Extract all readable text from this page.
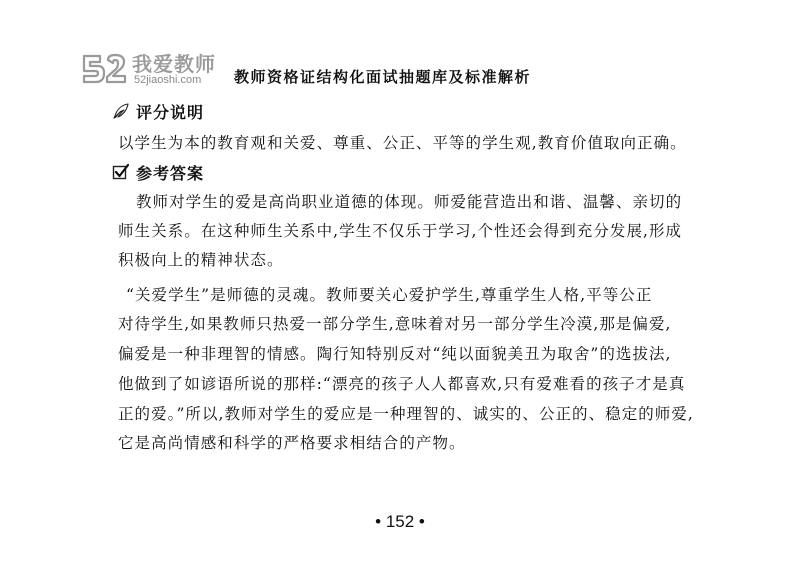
我爱教师
52jiaoshi.com 教师资格证结构化面试抽题库及标准解析
评分说明
以学生为本的教育观和关爱、尊重、公正、平等的学生观,教育价值取向正确。
参考答案
教师对学生的爱是高尚职业道德的体现。师爱能营造出和谐、温馨、亲切的
师生关系。在这种师生关系中,学生不仅乐于学习,个性还会得到充分发展,形成
积极向上的精神状态。
“关爱学生”是师德的灵魂。教师要关心爱护学生,尊重学生人格,平等公正
对待学生,如果教师只热爱一部分学生,意味着对另一部分学生冷漠,那是偏爱,
偏爱是一种非理智的情感。陶行知特别反对“纯以面貌美丑为取舍”的选拔法,
他做到了如谚语所说的那样:“漂亮的孩子人人都喜欢,只有爱难看的孩子才是真
正的爱。”所以,教师对学生的爱应是一种理智的、诚实的、公正的、稳定的师爱,
它是高尚情感和科学的严格要求相结合的产物。
• 152 •
